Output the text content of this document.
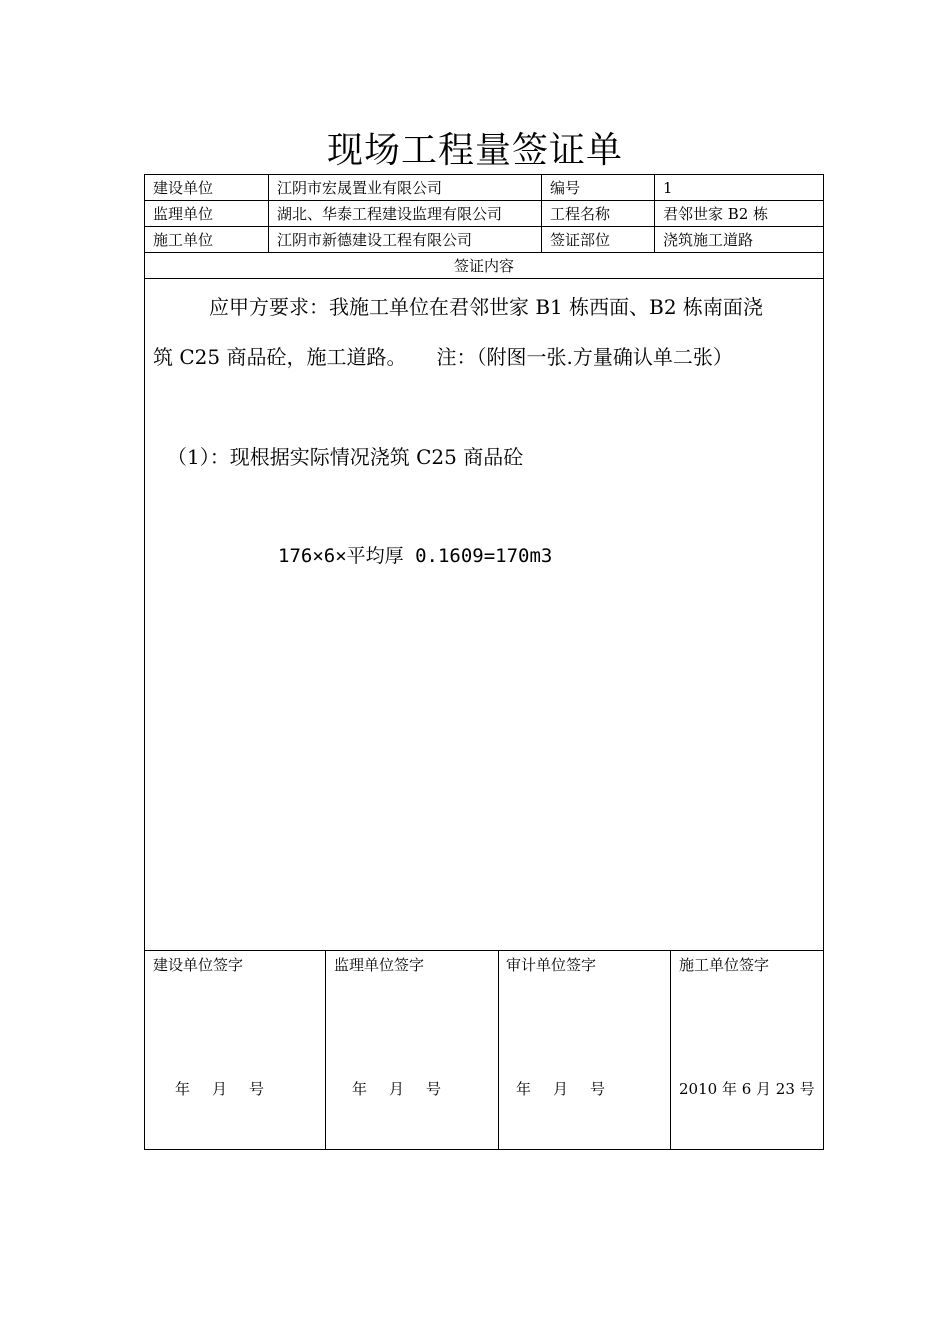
现场工程量签证单
建设单位	江阴市宏晟置业有限公司	编号	1
监理单位	湖北、华泰工程建设监理有限公司	工程名称	君邻世家 B2 栋
施工单位	江阴市新德建设工程有限公司	签证部位	浇筑施工道路
签证内容
应甲方要求：我施工单位在君邻世家 B1 栋西面、B2 栋南面浇
筑 C25 商品砼，施工道路。　　注：（附图一张.方量确认单二张）
（1）：现根据实际情况浇筑 C25 商品砼
176×6×平均厚 0.1609=170m3
建设单位签字
年 月 号
监理单位签字
年 月 号
审计单位签字
年 月 号
施工单位签字
2010 年 6 月 23 号
